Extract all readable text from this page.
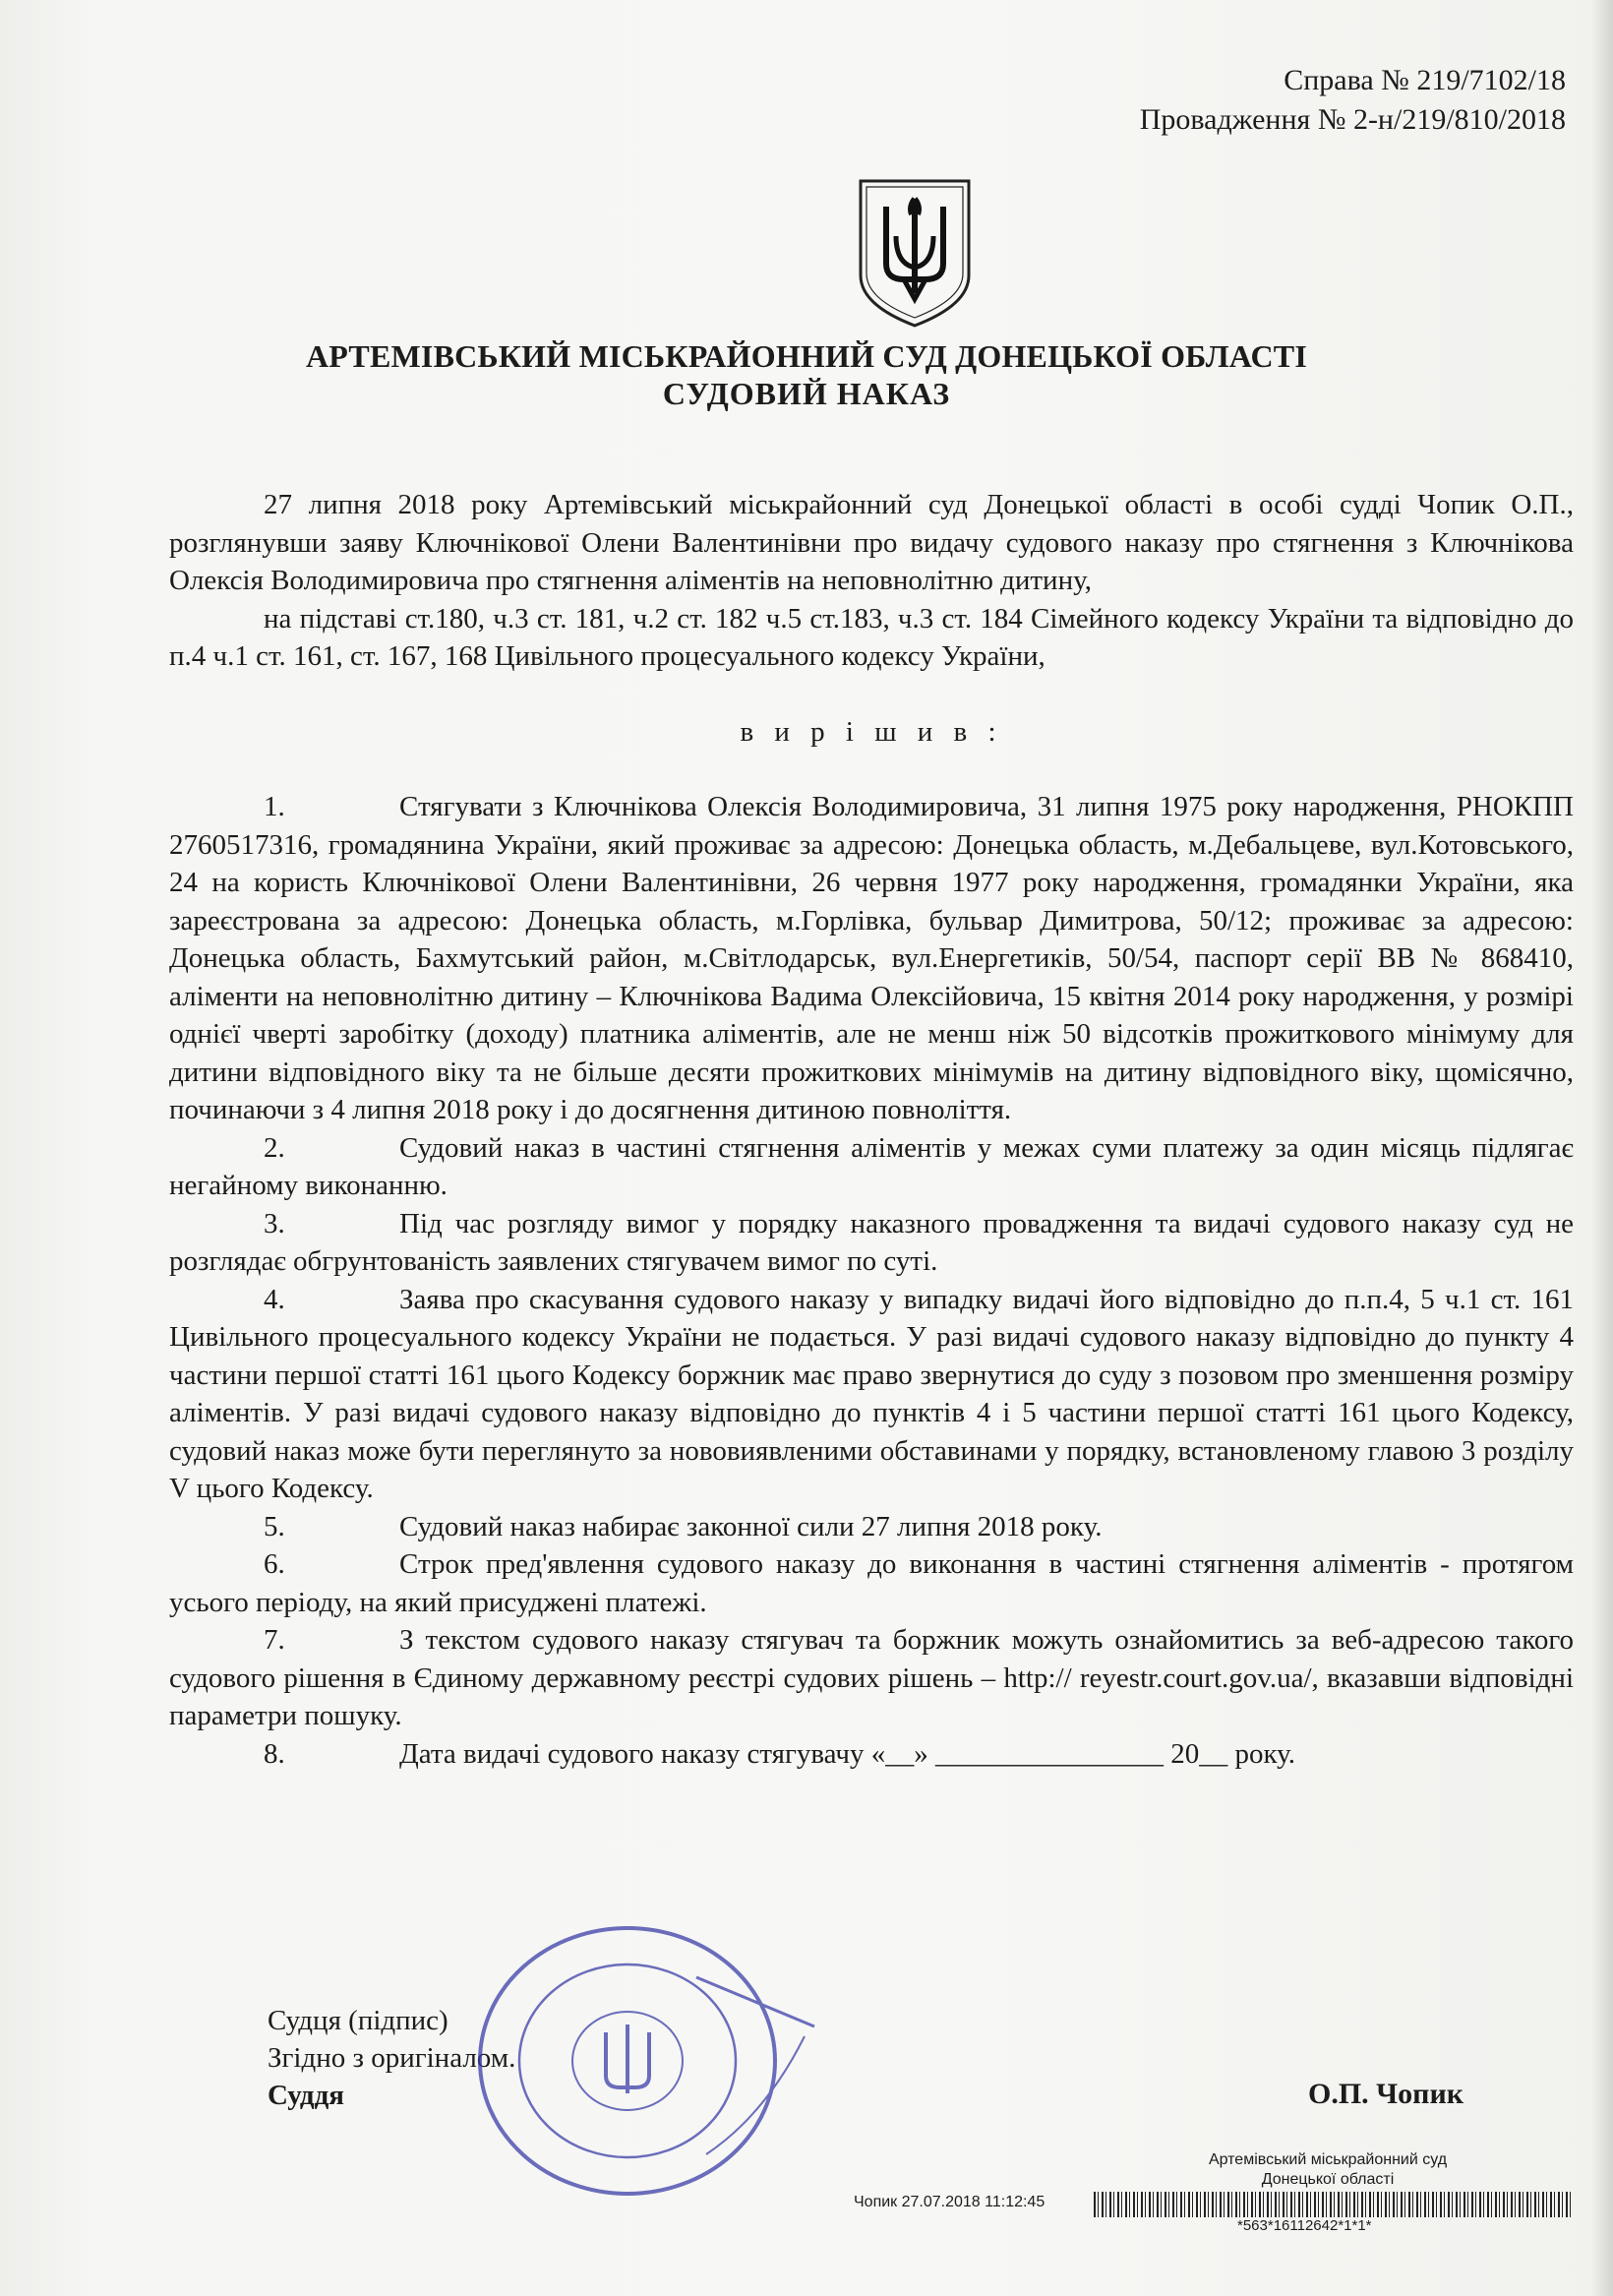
Справа № 219/7102/18
Провадження № 2-н/219/810/2018
АРТЕМІВСЬКИЙ МІСЬКРАЙОННИЙ СУД ДОНЕЦЬКОЇ ОБЛАСТІ
СУДОВИЙ НАКАЗ

27 липня 2018 року Артемівський міськрайонний суд Донецької області в особі судді Чопик О.П., розглянувши заяву Ключнікової Олени Валентинівни про видачу судового наказу про стягнення з Ключнікова Олексія Володимировича про стягнення аліментів на неповнолітню дитину,

на підставі ст.180, ч.3 ст. 181, ч.2 ст. 182 ч.5 ст.183, ч.3 ст. 184 Сімейного кодексу України та відповідно до п.4 ч.1 ст. 161, ст. 167, 168 Цивільного процесуального кодексу України,

в и р і ш и в :

1.	Стягувати з Ключнікова Олексія Володимировича, 31 липня 1975 року народження, РНОКПП 2760517316, громадянина України, який проживає за адресою: Донецька область, м.Дебальцеве, вул.Котовського, 24 на користь Ключнікової Олени Валентинівни, 26 червня 1977 року народження, громадянки України, яка зареєстрована за адресою: Донецька область, м.Горлівка, бульвар Димитрова, 50/12; проживає за адресою: Донецька область, Бахмутський район, м.Світлодарськ, вул.Енергетиків, 50/54, паспорт серії ВВ № 868410, аліменти на неповнолітню дитину – Ключнікова Вадима Олексійовича, 15 квітня 2014 року народження, у розмірі однієї чверті заробітку (доходу) платника аліментів, але не менш ніж 50 відсотків прожиткового мінімуму для дитини відповідного віку та не більше десяти прожиткових мінімумів на дитину відповідного віку, щомісячно, починаючи з 4 липня 2018 року і до досягнення дитиною повноліття.

2.	Судовий наказ в частині стягнення аліментів у межах суми платежу за один місяць підлягає негайному виконанню.

3.	Під час розгляду вимог у порядку наказного провадження та видачі судового наказу суд не розглядає обгрунтованість заявлених стягувачем вимог по суті.

4.	Заява про скасування судового наказу у випадку видачі його відповідно до п.п.4, 5 ч.1 ст. 161 Цивільного процесуального кодексу України не подається. У разі видачі судового наказу відповідно до пункту 4 частини першої статті 161 цього Кодексу боржник має право звернутися до суду з позовом про зменшення розміру аліментів. У разі видачі судового наказу відповідно до пунктів 4 і 5 частини першої статті 161 цього Кодексу, судовий наказ може бути переглянуто за нововиявленими обставинами у порядку, встановленому главою 3 розділу V цього Кодексу.

5.	Судовий наказ набирає законної сили 27 липня 2018 року.

6.	Строк пред'явлення судового наказу до виконання в частині стягнення аліментів - протягом усього періоду, на який присуджені платежі.

7.	З текстом судового наказу стягувач та боржник можуть ознайомитись за веб-адресою такого судового рішення в Єдиному державному реєстрі судових рішень – http:// reyestr.court.gov.ua/, вказавши відповідні параметри пошуку.

8.	Дата видачі судового наказу стягувачу «__» ________________ 20__ року.

Судця (підпис)
Згідно з оригіналом.
Суддя	О.П. Чопик
Артемівський міськрайонний суд
Донецької області
Чопик 27.07.2018 11:12:45
*563*16112642*1*1*
